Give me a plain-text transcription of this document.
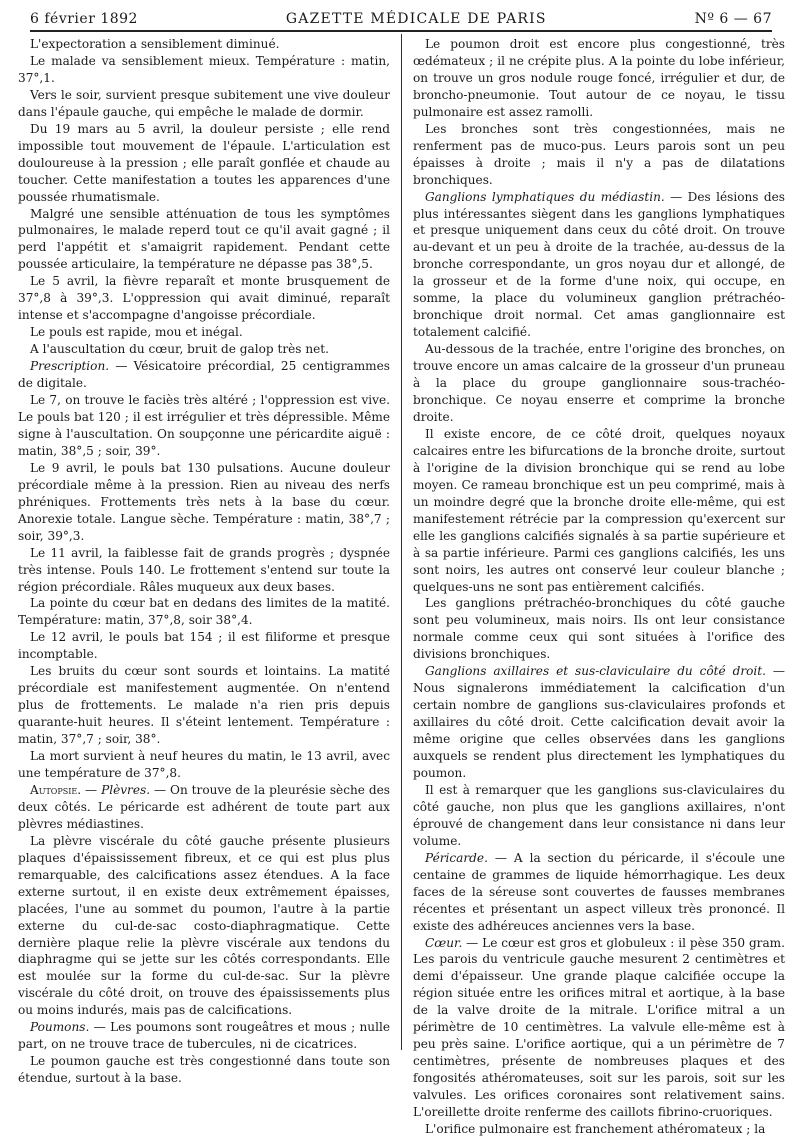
6 février 1892	GAZETTE MÉDICALE DE PARIS	Nº 6 — 67

L'expectoration a sensiblement diminué.

Le malade va sensiblement mieux. Température : matin, 37°,1.

Vers le soir, survient presque subitement une vive douleur dans l'épaule gauche, qui empêche le malade de dormir.

Du 19 mars au 5 avril, la douleur persiste ; elle rend impossible tout mouvement de l'épaule. L'articulation est douloureuse à la pression ; elle paraît gonflée et chaude au toucher. Cette manifestation a toutes les apparences d'une poussée rhumatismale.

Malgré une sensible atténuation de tous les symptômes pulmonaires, le malade reperd tout ce qu'il avait gagné ; il perd l'appétit et s'amaigrit rapidement. Pendant cette poussée articulaire, la température ne dépasse pas 38°,5.

Le 5 avril, la fièvre reparaît et monte brusquement de 37°,8 à 39°,3. L'oppression qui avait diminué, reparaît intense et s'accompagne d'angoisse précordiale.

Le pouls est rapide, mou et inégal.

A l'auscultation du cœur, bruit de galop très net.

Prescription. — Vésicatoire précordial, 25 centigrammes de digitale.

Le 7, on trouve le faciès très altéré ; l'oppression est vive. Le pouls bat 120 ; il est irrégulier et très dépressible. Même signe à l'auscultation. On soupçonne une péricardite aiguë : matin, 38°,5 ; soir, 39°.

Le 9 avril, le pouls bat 130 pulsations. Aucune douleur précordiale même à la pression. Rien au niveau des nerfs phréniques. Frottements très nets à la base du cœur. Anorexie totale. Langue sèche. Température : matin, 38°,7 ; soir, 39°,3.

Le 11 avril, la faiblesse fait de grands progrès ; dyspnée très intense. Pouls 140. Le frottement s'entend sur toute la région précordiale. Râles muqueux aux deux bases.

La pointe du cœur bat en dedans des limites de la matité. Température: matin, 37°,8, soir 38°,4.

Le 12 avril, le pouls bat 154 ; il est filiforme et presque incomptable.

Les bruits du cœur sont sourds et lointains. La matité précordiale est manifestement augmentée. On n'entend plus de frottements. Le malade n'a rien pris depuis quarante-huit heures. Il s'éteint lentement. Température : matin, 37°,7 ; soir, 38°.

La mort survient à neuf heures du matin, le 13 avril, avec une température de 37°,8.

Autopsie. — Plèvres. — On trouve de la pleurésie sèche des deux côtés. Le péricarde est adhérent de toute part aux plèvres médiastines.

La plèvre viscérale du côté gauche présente plusieurs plaques d'épaississement fibreux, et ce qui est plus plus remarquable, des calcifications assez étendues. A la face externe surtout, il en existe deux extrêmement épaisses, placées, l'une au sommet du poumon, l'autre à la partie externe du cul-de-sac costo-diaphragmatique. Cette dernière plaque relie la plèvre viscérale aux tendons du diaphragme qui se jette sur les côtés correspondants. Elle est moulée sur la forme du cul-de-sac. Sur la plèvre viscérale du côté droit, on trouve des épaississements plus ou moins indurés, mais pas de calcifications.

Poumons. — Les poumons sont rougeâtres et mous ; nulle part, on ne trouve trace de tubercules, ni de cicatrices.

Le poumon gauche est très congestionné dans toute son étendue, surtout à la base.

Le poumon droit est encore plus congestionné, très œdémateux ; il ne crépite plus. A la pointe du lobe inférieur, on trouve un gros nodule rouge foncé, irrégulier et dur, de broncho-pneumonie. Tout autour de ce noyau, le tissu pulmonaire est assez ramolli.

Les bronches sont très congestionnées, mais ne renferment pas de muco-pus. Leurs parois sont un peu épaisses à droite ; mais il n'y a pas de dilatations bronchiques.

Ganglions lymphatiques du médiastin. — Des lésions des plus intéressantes siègent dans les ganglions lymphatiques et presque uniquement dans ceux du côté droit. On trouve au-devant et un peu à droite de la trachée, au-dessus de la bronche correspondante, un gros noyau dur et allongé, de la grosseur et de la forme d'une noix, qui occupe, en somme, la place du volumineux ganglion prétrachéo-bronchique droit normal. Cet amas ganglionnaire est totalement calcifié.

Au-dessous de la trachée, entre l'origine des bronches, on trouve encore un amas calcaire de la grosseur d'un pruneau à la place du groupe ganglionnaire sous-trachéo-bronchique. Ce noyau enserre et comprime la bronche droite.

Il existe encore, de ce côté droit, quelques noyaux calcaires entre les bifurcations de la bronche droite, surtout à l'origine de la division bronchique qui se rend au lobe moyen. Ce rameau bronchique est un peu comprimé, mais à un moindre degré que la bronche droite elle-même, qui est manifestement rétrécie par la compression qu'exercent sur elle les ganglions calcifiés signalés à sa partie supérieure et à sa partie inférieure. Parmi ces ganglions calcifiés, les uns sont noirs, les autres ont conservé leur couleur blanche ; quelques-uns ne sont pas entièrement calcifiés.

Les ganglions prétrachéo-bronchiques du côté gauche sont peu volumineux, mais noirs. Ils ont leur consistance normale comme ceux qui sont situées à l'orifice des divisions bronchiques.

Ganglions axillaires et sus-claviculaire du côté droit. — Nous signalerons immédiatement la calcification d'un certain nombre de ganglions sus-claviculaires profonds et axillaires du côté droit. Cette calcification devait avoir la même origine que celles observées dans les ganglions auxquels se rendent plus directement les lymphatiques du poumon.

Il est à remarquer que les ganglions sus-claviculaires du côté gauche, non plus que les ganglions axillaires, n'ont éprouvé de changement dans leur consistance ni dans leur volume.

Péricarde. — A la section du péricarde, il s'écoule une centaine de grammes de liquide hémorrhagique. Les deux faces de la séreuse sont couvertes de fausses membranes récentes et présentant un aspect villeux très prononcé. Il existe des adhéreuces anciennes vers la base.

Cœur. — Le cœur est gros et globuleux : il pèse 350 gram. Les parois du ventricule gauche mesurent 2 centimètres et demi d'épaisseur. Une grande plaque calcifiée occupe la région située entre les orifices mitral et aortique, à la base de la valve droite de la mitrale. L'orifice mitral a un périmètre de 10 centimètres. La valvule elle-même est à peu près saine. L'orifice aortique, qui a un périmètre de 7 centimètres, présente de nombreuses plaques et des fongosités athéromateuses, soit sur les parois, soit sur les valvules. Les orifices coronaires sont relativement sains. L'oreillette droite renferme des caillots fibrino-cruoriques.

L'orifice pulmonaire est franchement athéromateux ; la
